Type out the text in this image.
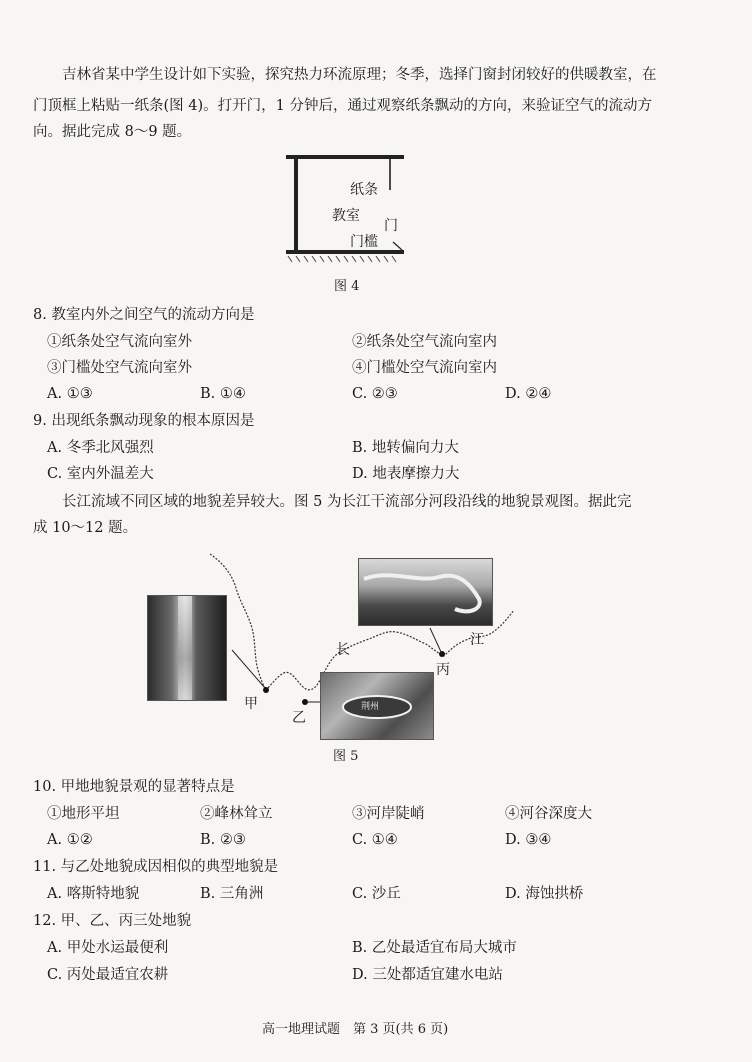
吉林省某中学生设计如下实验，探究热力环流原理；冬季，选择门窗封闭较好的供暖教室，在
门顶框上粘贴一纸条(图 4)。打开门，1 分钟后，通过观察纸条飘动的方向，来验证空气的流动方
向。据此完成 8～9 题。
纸条
教室
门
门槛
图 4
8. 教室内外之间空气的流动方向是
①纸条处空气流向室外	②纸条处空气流向室内
③门槛处空气流向室外	④门槛处空气流向室内
A. ①③	B. ①④	C. ②③	D. ②④
9. 出现纸条飘动现象的根本原因是
A. 冬季北风强烈	B. 地转偏向力大
C. 室内外温差大	D. 地表摩擦力大
长江流域不同区域的地貌差异较大。图 5 为长江干流部分河段沿线的地貌景观图。据此完
成 10～12 题。
荆州
甲
乙
丙
长
江
图 5
10. 甲地地貌景观的显著特点是
①地形平坦	②峰林耸立	③河岸陡峭	④河谷深度大
A. ①②	B. ②③	C. ①④	D. ③④
11. 与乙处地貌成因相似的典型地貌是
A. 喀斯特地貌	B. 三角洲	C. 沙丘	D. 海蚀拱桥
12. 甲、乙、丙三处地貌
A. 甲处水运最便利	B. 乙处最适宜布局大城市
C. 丙处最适宜农耕	D. 三处都适宜建水电站
高一地理试题　第 3 页(共 6 页)
